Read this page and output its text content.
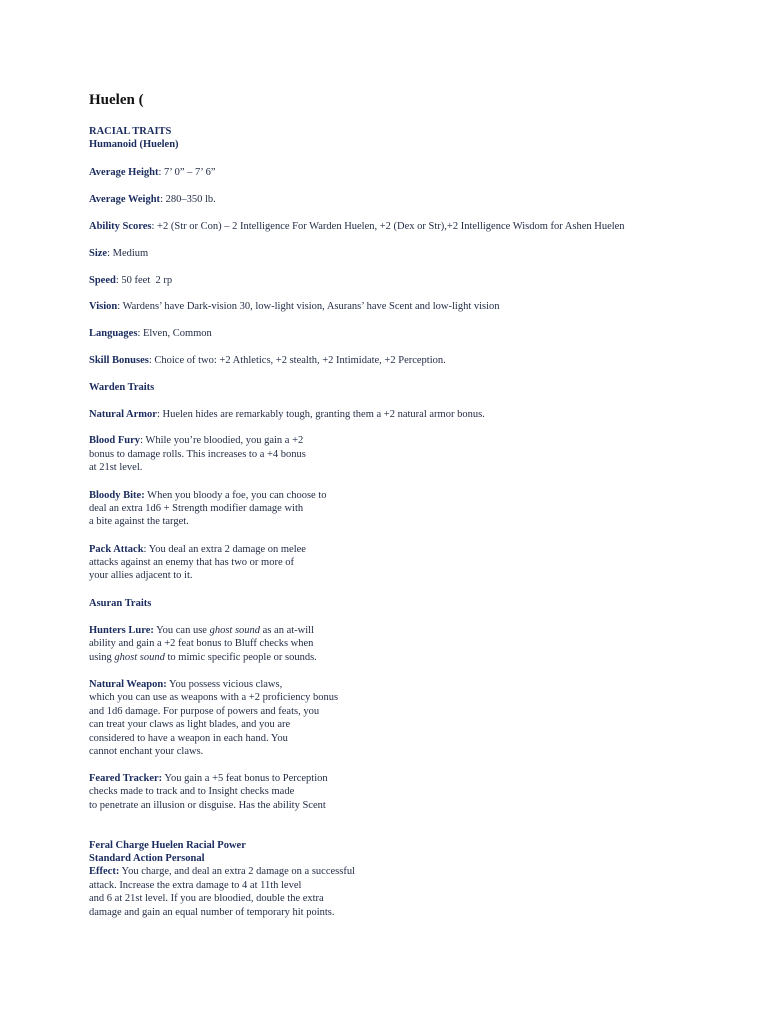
Huelen (
RACIAL TRAITS
Humanoid (Huelen)
Average Height: 7’ 0” – 7’ 6”
Average Weight: 280–350 lb.
Ability Scores: +2 (Str or Con) – 2 Intelligence For Warden Huelen, +2 (Dex or Str),+2 Intelligence Wisdom for Ashen Huelen
Size: Medium
Speed: 50 feet  2 rp
Vision: Wardens’ have Dark-vision 30, low-light vision, Asurans’ have Scent and low-light vision
Languages: Elven, Common
Skill Bonuses: Choice of two: +2 Athletics, +2 stealth, +2 Intimidate, +2 Perception.
Warden Traits
Natural Armor: Huelen hides are remarkably tough, granting them a +2 natural armor bonus.
Blood Fury: While you’re bloodied, you gain a +2
bonus to damage rolls. This increases to a +4 bonus
at 21st level.
Bloody Bite: When you bloody a foe, you can choose to
deal an extra 1d6 + Strength modifier damage with
a bite against the target.
Pack Attack: You deal an extra 2 damage on melee
attacks against an enemy that has two or more of
your allies adjacent to it.
Asuran Traits
Hunters Lure: You can use ghost sound as an at-will
ability and gain a +2 feat bonus to Bluff checks when
using ghost sound to mimic specific people or sounds.
Natural Weapon: You possess vicious claws,
which you can use as weapons with a +2 proficiency bonus
and 1d6 damage. For purpose of powers and feats, you
can treat your claws as light blades, and you are
considered to have a weapon in each hand. You
cannot enchant your claws.
Feared Tracker: You gain a +5 feat bonus to Perception
checks made to track and to Insight checks made
to penetrate an illusion or disguise. Has the ability Scent
Feral Charge Huelen Racial Power
Standard Action Personal
Effect: You charge, and deal an extra 2 damage on a successful
attack. Increase the extra damage to 4 at 11th level
and 6 at 21st level. If you are bloodied, double the extra
damage and gain an equal number of temporary hit points.
